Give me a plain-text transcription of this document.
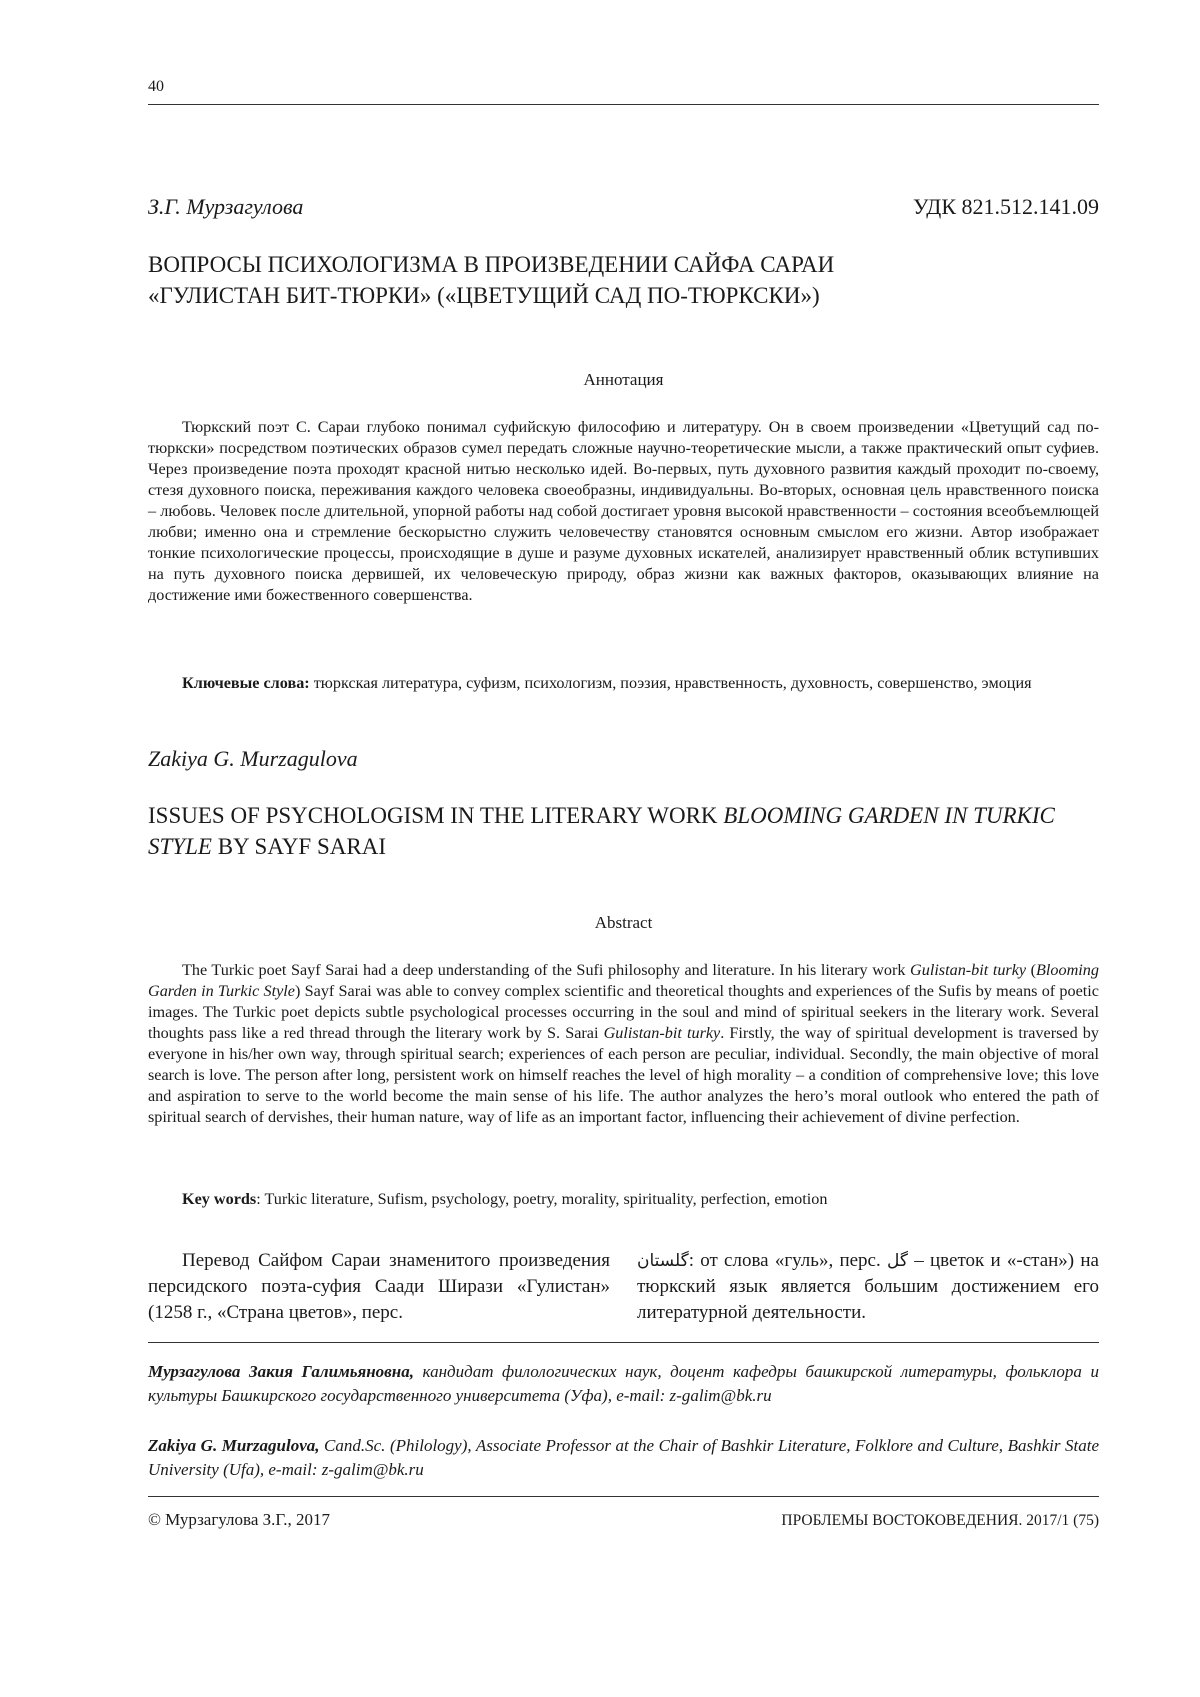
40
З.Г. Мурзагулова	УДК 821.512.141.09
ВОПРОСЫ ПСИХОЛОГИЗМА В ПРОИЗВЕДЕНИИ САЙФА САРАИ
«ГУЛИСТАН БИТ-ТЮРКИ» («ЦВЕТУЩИЙ САД ПО-ТЮРКСКИ»)
Аннотация
Тюркский поэт С. Сараи глубоко понимал суфийскую философию и литературу. Он в своем произведении «Цветущий сад по-тюркски» посредством поэтических образов сумел передать сложные научно-теоретические мысли, а также практический опыт суфиев. Через произведение поэта проходят красной нитью несколько идей. Во-первых, путь духовного развития каждый проходит по-своему, стезя духовного поиска, переживания каждого человека своеобразны, индивидуальны. Во-вторых, основная цель нравственного поиска – любовь. Человек после длительной, упорной работы над собой достигает уровня высокой нравственности – состояния всеобъемлющей любви; именно она и стремление бескорыстно служить человечеству становятся основным смыслом его жизни. Автор изображает тонкие психологические процессы, происходящие в душе и разуме духовных искателей, анализирует нравственный облик вступивших на путь духовного поиска дервишей, их человеческую природу, образ жизни как важных факторов, оказывающих влияние на достижение ими божественного совершенства.
Ключевые слова: тюркская литература, суфизм, психологизм, поэзия, нравственность, духовность, совершенство, эмоция
Zakiya G. Murzagulova
ISSUES OF PSYCHOLOGISM IN THE LITERARY WORK BLOOMING GARDEN IN TURKIC STYLE BY SAYF SARAI
Abstract
The Turkic poet Sayf Sarai had a deep understanding of the Sufi philosophy and literature. In his literary work Gulistan-bit turky (Blooming Garden in Turkic Style) Sayf Sarai was able to convey complex scientific and theoretical thoughts and experiences of the Sufis by means of poetic images. The Turkic poet depicts subtle psychological processes occurring in the soul and mind of spiritual seekers in the literary work. Several thoughts pass like a red thread through the literary work by S. Sarai Gulistan-bit turky. Firstly, the way of spiritual development is traversed by everyone in his/her own way, through spiritual search; experiences of each person are peculiar, individual. Secondly, the main objective of moral search is love. The person after long, persistent work on himself reaches the level of high morality – a condition of comprehensive love; this love and aspiration to serve to the world become the main sense of his life. The author analyzes the hero’s moral outlook who entered the path of spiritual search of dervishes, their human nature, way of life as an important factor, influencing their achievement of divine perfection.
Key words: Turkic literature, Sufism, psychology, poetry, morality, spirituality, perfection, emotion
Перевод Сайфом Сараи знаменитого произведения персидского поэта-суфия Саади Ширази «Гулистан» (1258 г., «Страна цветов», перс.
گلستان: от слова «гуль», перс. گل – цветок и «-стан») на тюркский язык является большим достижением его литературной деятельности.
Мурзагулова Закия Галимьяновна, кандидат филологических наук, доцент кафедры башкирской литературы, фольклора и культуры Башкирского государственного университета (Уфа), e-mail: z-galim@bk.ru
Zakiya G. Murzagulova, Cand.Sc. (Philology), Associate Professor at the Chair of Bashkir Literature, Folklore and Culture, Bashkir State University (Ufa), e-mail: z-galim@bk.ru
© Мурзагулова З.Г., 2017	ПРОБЛЕМЫ ВОСТОКОВЕДЕНИЯ. 2017/1 (75)
